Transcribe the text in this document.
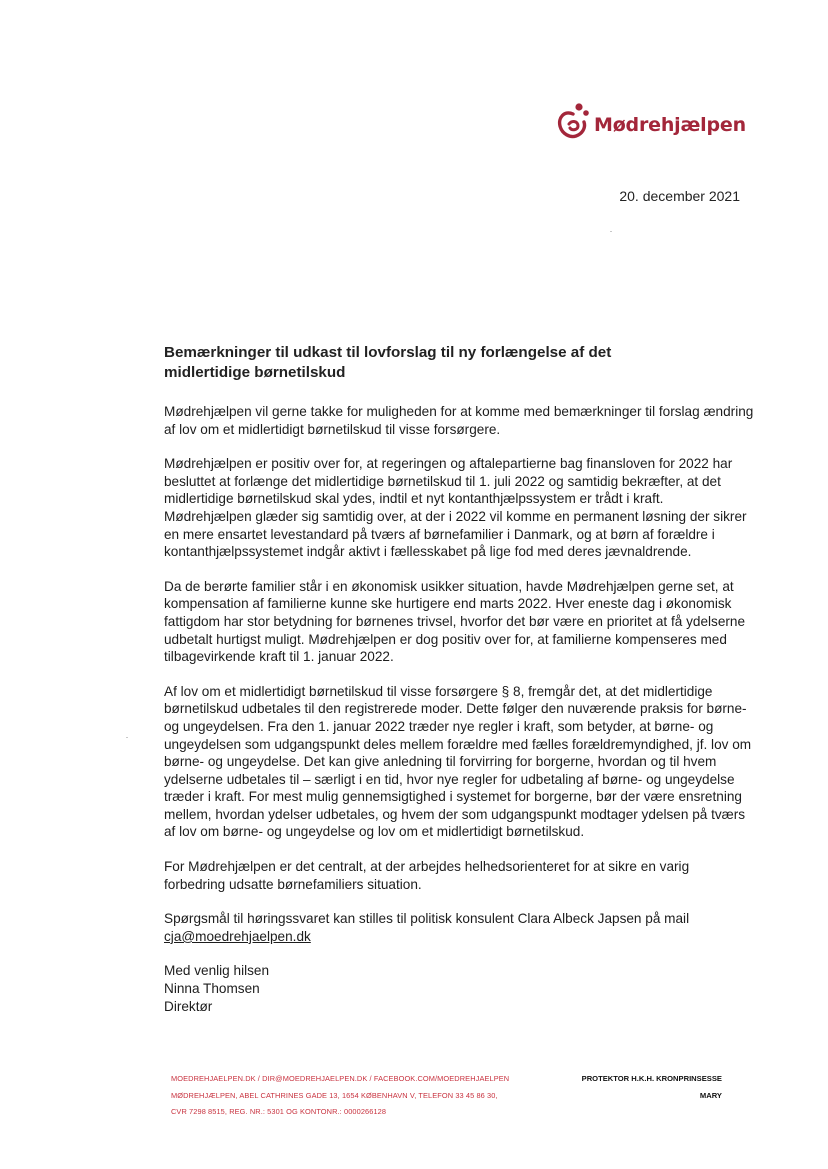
Mødrehjælpen
20. december 2021
Bemærkninger til udkast til lovforslag til ny forlængelse af det
midlertidige børnetilskud

Mødrehjælpen vil gerne takke for muligheden for at komme med bemærkninger til forslag ændring af lov om et midlertidigt børnetilskud til visse forsørgere.

Mødrehjælpen er positiv over for, at regeringen og aftalepartierne bag finansloven for 2022 har besluttet at forlænge det midlertidige børnetilskud til 1. juli 2022 og samtidig bekræfter, at det midlertidige børnetilskud skal ydes, indtil et nyt kontanthjælpssystem er trådt i kraft. Mødrehjælpen glæder sig samtidig over, at der i 2022 vil komme en permanent løsning der sikrer en mere ensartet levestandard på tværs af børnefamilier i Danmark, og at børn af forældre i kontanthjælpssystemet indgår aktivt i fællesskabet på lige fod med deres jævnaldrende.

Da de berørte familier står i en økonomisk usikker situation, havde Mødrehjælpen gerne set, at kompensation af familierne kunne ske hurtigere end marts 2022. Hver eneste dag i økonomisk fattigdom har stor betydning for børnenes trivsel, hvorfor det bør være en prioritet at få ydelserne udbetalt hurtigst muligt. Mødrehjælpen er dog positiv over for, at familierne kompenseres med tilbagevirkende kraft til 1. januar 2022.

Af lov om et midlertidigt børnetilskud til visse forsørgere § 8, fremgår det, at det midlertidige børnetilskud udbetales til den registrerede moder. Dette følger den nuværende praksis for børne- og ungeydelsen. Fra den 1. januar 2022 træder nye regler i kraft, som betyder, at børne- og ungeydelsen som udgangspunkt deles mellem forældre med fælles forældremyndighed, jf. lov om børne- og ungeydelse. Det kan give anledning til forvirring for borgerne, hvordan og til hvem ydelserne udbetales til – særligt i en tid, hvor nye regler for udbetaling af børne- og ungeydelse træder i kraft. For mest mulig gennemsigtighed i systemet for borgerne, bør der være ensretning mellem, hvordan ydelser udbetales, og hvem der som udgangspunkt modtager ydelsen på tværs af lov om børne- og ungeydelse og lov om et midlertidigt børnetilskud.

For Mødrehjælpen er det centralt, at der arbejdes helhedsorienteret for at sikre en varig forbedring udsatte børnefamiliers situation.

Spørgsmål til høringssvaret kan stilles til politisk konsulent Clara Albeck Japsen på mail
cja@moedrehjaelpen.dk

Med venlig hilsen
Ninna Thomsen
Direktør

MOEDREHJAELPEN.DK / DIR@MOEDREHJAELPEN.DK / FACEBOOK.COM/MOEDREHJAELPEN
MØDREHJÆLPEN, ABEL CATHRINES GADE 13, 1654 KØBENHAVN V, TELEFON 33 45 86 30,
CVR 7298 8515, REG. NR.: 5301 OG KONTONR.: 0000266128
PROTEKTOR H.K.H. KRONPRINSESSE
MARY
